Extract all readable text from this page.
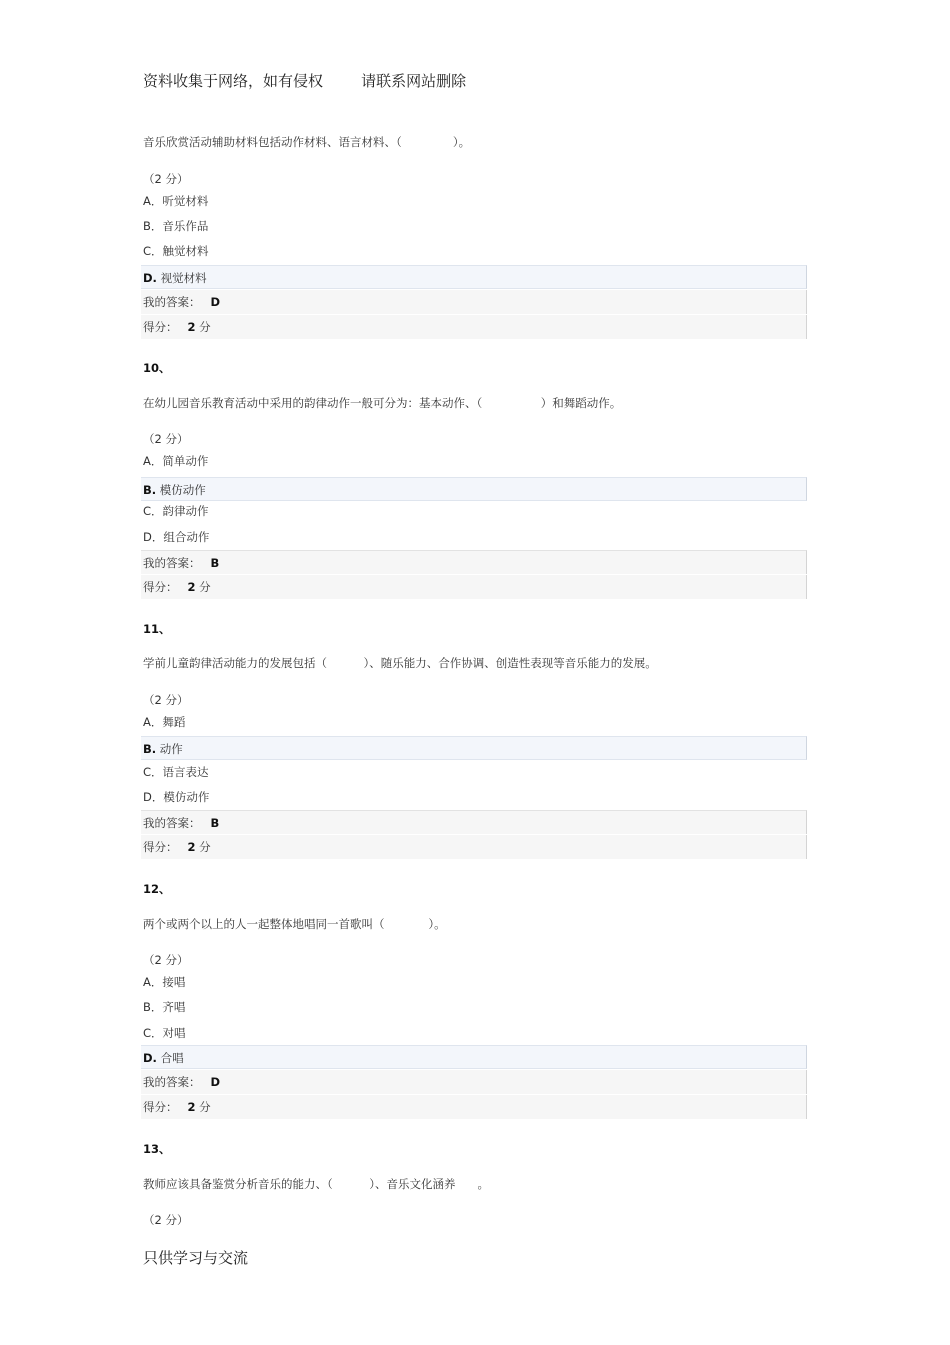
资料收集于网络，如有侵权        请联系网站删除
音乐欣赏活动辅助材料包括动作材料、语言材料、（              ）。
（2 分）
A．听觉材料
B．音乐作品
C．触觉材料
D. 视觉材料
我的答案： D
得分： 2 分
10、
在幼儿园音乐教育活动中采用的韵律动作一般可分为：基本动作、（                ）和舞蹈动作。
（2 分）
A．简单动作
B. 模仿动作
C．韵律动作
D．组合动作
我的答案： B
得分： 2 分
11、
学前儿童韵律活动能力的发展包括（          ）、随乐能力、合作协调、创造性表现等音乐能力的发展。
（2 分）
A．舞蹈
B. 动作
C．语言表达
D．模仿动作
我的答案： B
得分： 2 分
12、
两个或两个以上的人一起整体地唱同一首歌叫（            ）。
（2 分）
A．接唱
B．齐唱
C．对唱
D. 合唱
我的答案： D
得分： 2 分
13、
教师应该具备鉴赏分析音乐的能力、（          ）、音乐文化涵养      。
（2 分）
只供学习与交流
